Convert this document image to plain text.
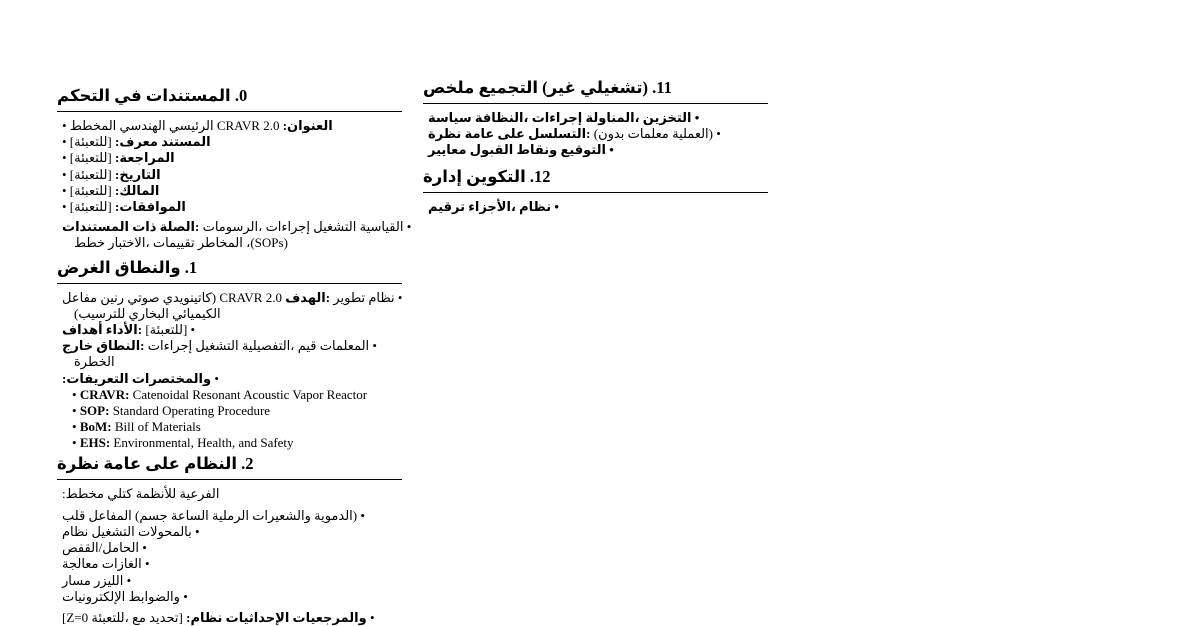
التحكم‎ في‎ المستندات‎ .0
• المخطط‎ الهندسي‎ الرئيسي‎ CRAVR 2.0 :العنوان
• [للتعبئة]‎ :معرف‎ المستند
• [للتعبئة]‎ :المراجعة
• [للتعبئة]‎ :التاريخ
• [للتعبئة]‎ :المالك
• [للتعبئة]‎ :الموافقات
المستندات‎ ذات‎ الصلة‎: الرسومات،‎ إجراءات‎ التشغيل‎ القياسية‎ •
خطط‎ الاختبار،‎ تقييمات‎ المخاطر‎ ،(SOPs)
الغرض‎ والنطاق‎ .1
مفاعل‎ رنين‎ صوتي‎ كاتينويدي)‎ CRAVR 2.0 الهدف‎: تطوير‎ نظام‎ •
(للترسيب‎ البخاري‎ الكيميائي
أهداف‎ الأداء‎: [للتعبئة]‎ •
خارج‎ النطاق‎: إجراءات‎ التشغيل‎ التفصيلية،‎ قيم‎ المعلمات‎ •
الخطرة
:التعريفات‎ والمختصرات •
• CRAVR: Catenoidal Resonant Acoustic Vapor Reactor
• SOP: Standard Operating Procedure
• BoM: Bill of Materials
• EHS: Environmental, Health, and Safety
نظرة‎ عامة‎ على‎ النظام‎ .2
:مخطط‎ كتلي‎ للأنظمة‎ الفرعية
قلب‎ المفاعل‎ (جسم‎ الساعة‎ الرملية‎ والشعيرات‎ الدموية)‎ •
نظام‎ التشغيل‎ بالمحولات‎ •
القفص‎/‎الحامل‎ •
معالجة‎ الغازات‎ •
مسار‎ الليزر‎ •
الإلكترونيات‎ والضوابط‎ •
[Z=0 للتعبئة،‎ مع‎ تحديد]‎ :نظام‎ الإحداثيات‎ والمرجعيات •
ملخص‎ التجميع‎ (غير‎ تشغيلي)‎ .11
سياسة‎ النظافة،‎ إجراءات‎ المناولة،‎ التخزين‎ •
نظرة‎ عامة‎ على‎ التسلسل‎: (بدون‎ معلمات‎ العملية)‎ •
معايير‎ القبول‎ ونقاط‎ التوقيع‎ •
إدارة‎ التكوين‎ .12
ترقيم‎ الأجزاء،‎ نظام‎ •
